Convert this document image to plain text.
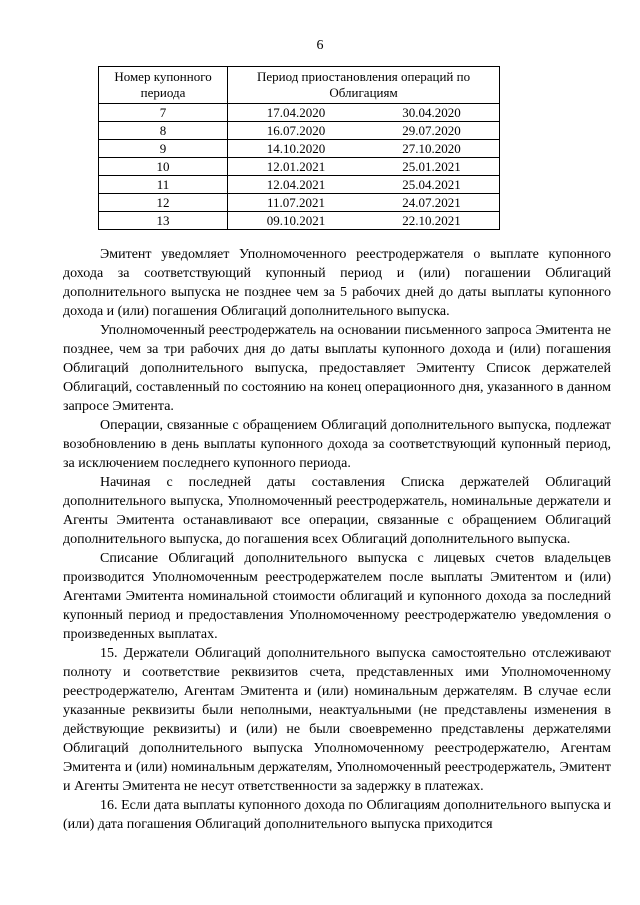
6
Номер купонного периода	Период приостановления операций по Облигациям	
7	17.04.2020	30.04.2020
8	16.07.2020	29.07.2020
9	14.10.2020	27.10.2020
10	12.01.2021	25.01.2021
11	12.04.2021	25.04.2021
12	11.07.2021	24.07.2021
13	09.10.2021	22.10.2021

Эмитент уведомляет Уполномоченного реестродержателя о выплате купонного дохода за соответствующий купонный период и (или) погашении Облигаций дополнительного выпуска не позднее чем за 5 рабочих дней до даты выплаты купонного дохода и (или) погашения Облигаций дополнительного выпуска.

Уполномоченный реестродержатель на основании письменного запроса Эмитента не позднее, чем за три рабочих дня до даты выплаты купонного дохода и (или) погашения Облигаций дополнительного выпуска, предоставляет Эмитенту Список держателей Облигаций, составленный по состоянию на конец операционного дня, указанного в данном запросе Эмитента.

Операции, связанные с обращением Облигаций дополнительного выпуска, подлежат возобновлению в день выплаты купонного дохода за соответствующий купонный период, за исключением последнего купонного периода.

Начиная с последней даты составления Списка держателей Облигаций дополнительного выпуска, Уполномоченный реестродержатель, номинальные держатели и Агенты Эмитента останавливают все операции, связанные с обращением Облигаций дополнительного выпуска, до погашения всех Облигаций дополнительного выпуска.

Списание Облигаций дополнительного выпуска с лицевых счетов владельцев производится Уполномоченным реестродержателем после выплаты Эмитентом и (или) Агентами Эмитента номинальной стоимости облигаций и купонного дохода за последний купонный период и предоставления Уполномоченному реестродержателю уведомления о произведенных выплатах.

15. Держатели Облигаций дополнительного выпуска самостоятельно отслеживают полноту и соответствие реквизитов счета, представленных ими Уполномоченному реестродержателю, Агентам Эмитента и (или) номинальным держателям. В случае если указанные реквизиты были неполными, неактуальными (не представлены изменения в действующие реквизиты) и (или) не были своевременно представлены держателями Облигаций дополнительного выпуска Уполномоченному реестродержателю, Агентам Эмитента и (или) номинальным держателям, Уполномоченный реестродержатель, Эмитент и Агенты Эмитента не несут ответственности за задержку в платежах.

16. Если дата выплаты купонного дохода по Облигациям дополнительного выпуска и (или) дата погашения Облигаций дополнительного выпуска приходится
